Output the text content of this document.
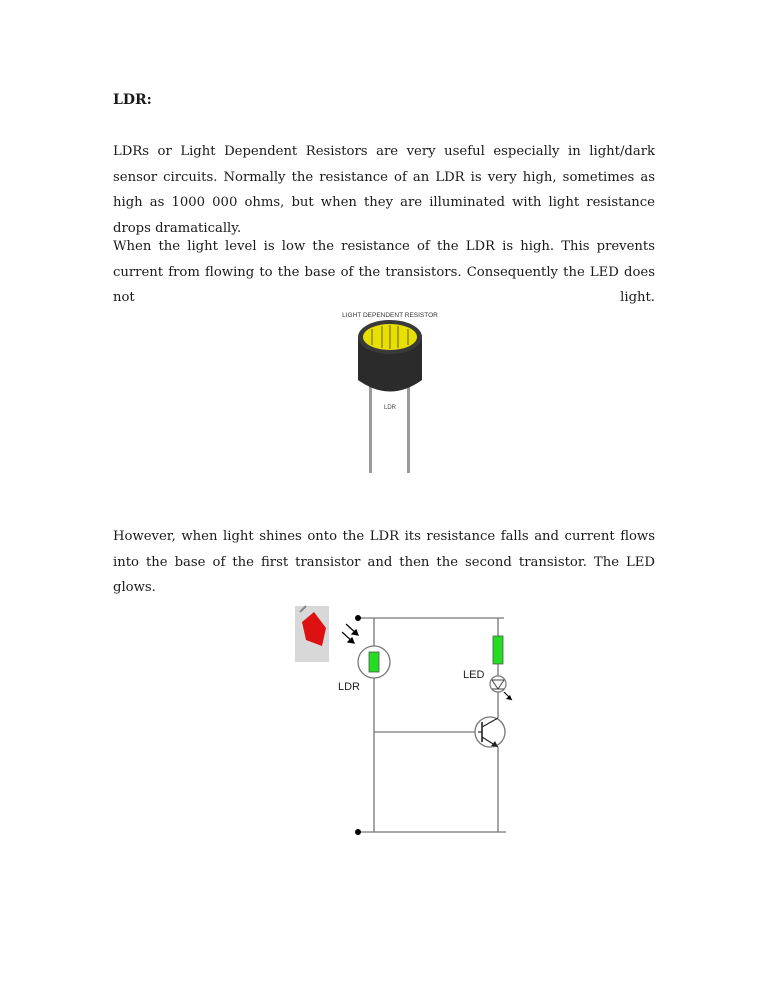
LDR:

LDRs or Light Dependent Resistors are very useful especially in light/dark sensor circuits. Normally the resistance of an LDR is very high, sometimes as high as 1000 000 ohms, but when they are illuminated with light resistance drops dramatically.

When the light level is low the resistance of the LDR is high. This prevents current from flowing to the base of the transistors. Consequently the LED does not light.

LIGHT DEPENDENT RESISTOR
LDR

However, when light shines onto the LDR its resistance falls and current flows into the base of the first transistor and then the second transistor. The LED glows.

LDR
LED
